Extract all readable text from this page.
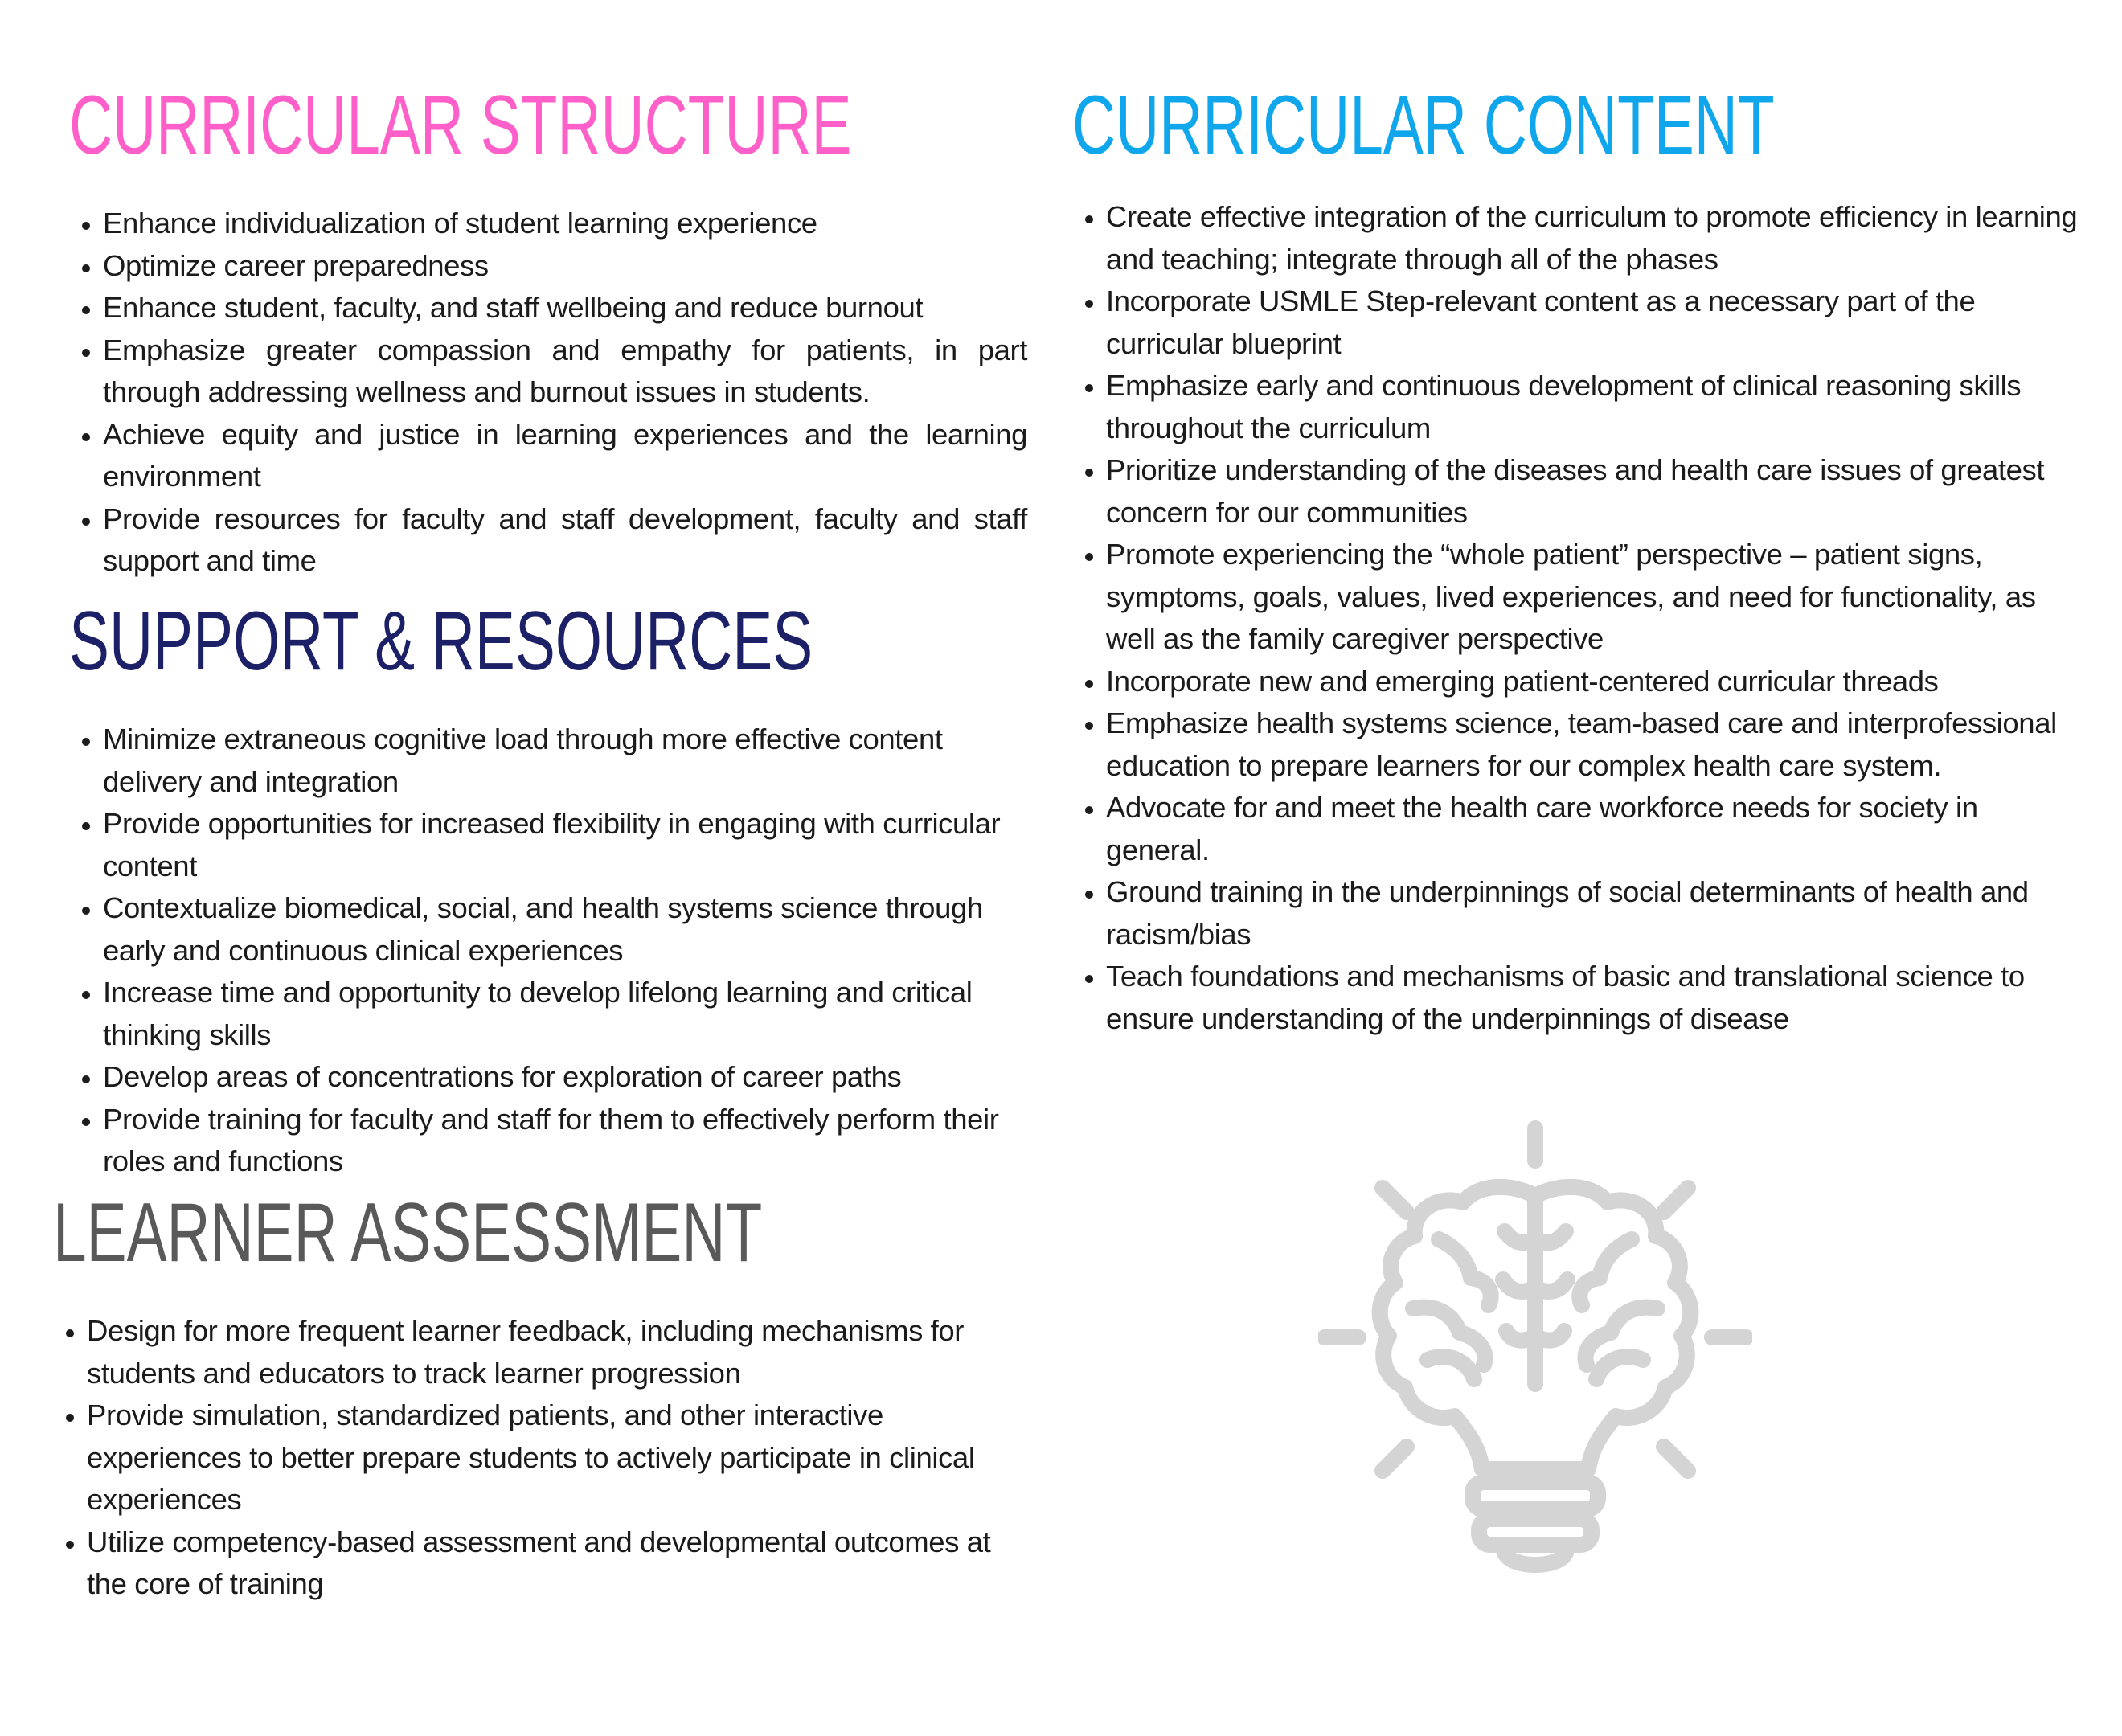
CURRICULAR STRUCTURE
• Enhance individualization of student learning experience
• Optimize career preparedness
• Enhance student, faculty, and staff wellbeing and reduce burnout
• Emphasize greater compassion and empathy for patients, in part through addressing wellness and burnout issues in students.
• Achieve equity and justice in learning experiences and the learning environment
• Provide resources for faculty and staff development, faculty and staff support and time
SUPPORT & RESOURCES
• Minimize extraneous cognitive load through more effective content delivery and integration
• Provide opportunities for increased flexibility in engaging with curricular content
• Contextualize biomedical, social, and health systems science through early and continuous clinical experiences
• Increase time and opportunity to develop lifelong learning and critical thinking skills
• Develop areas of concentrations for exploration of career paths
• Provide training for faculty and staff for them to effectively perform their roles and functions
LEARNER ASSESSMENT
• Design for more frequent learner feedback, including mechanisms for students and educators to track learner progression
• Provide simulation, standardized patients, and other interactive experiences to better prepare students to actively participate in clinical experiences
• Utilize competency-based assessment and developmental outcomes at the core of training
CURRICULAR CONTENT
• Create effective integration of the curriculum to promote efficiency in learning and teaching; integrate through all of the phases
• Incorporate USMLE Step-relevant content as a necessary part of the curricular blueprint
• Emphasize early and continuous development of clinical reasoning skills throughout the curriculum
• Prioritize understanding of the diseases and health care issues of greatest concern for our communities
• Promote experiencing the “whole patient” perspective – patient signs, symptoms, goals, values, lived experiences, and need for functionality, as well as the family caregiver perspective
• Incorporate new and emerging patient-centered curricular threads
• Emphasize health systems science, team-based care and interprofessional education to prepare learners for our complex health care system.
• Advocate for and meet the health care workforce needs for society in general.
• Ground training in the underpinnings of social determinants of health and racism/bias
• Teach foundations and mechanisms of basic and translational science to ensure understanding of the underpinnings of disease
